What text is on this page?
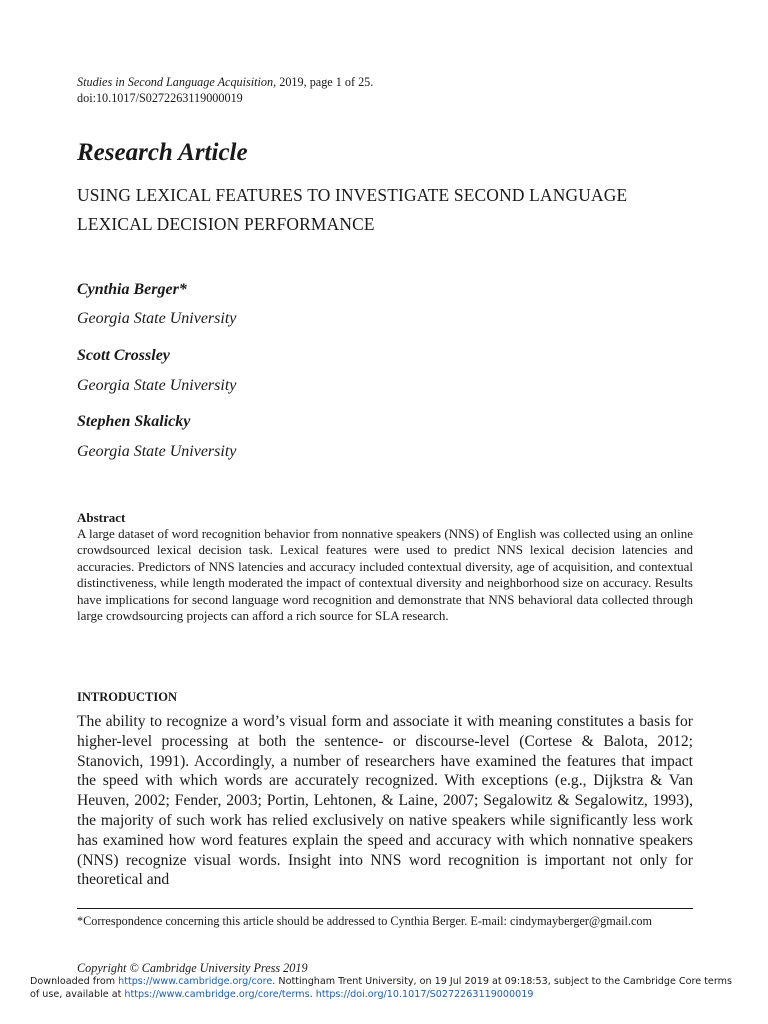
Studies in Second Language Acquisition, 2019, page 1 of 25.
doi:10.1017/S0272263119000019
Research Article
USING LEXICAL FEATURES TO INVESTIGATE SECOND LANGUAGE LEXICAL DECISION PERFORMANCE
Cynthia Berger*
Georgia State University
Scott Crossley
Georgia State University
Stephen Skalicky
Georgia State University
Abstract
A large dataset of word recognition behavior from nonnative speakers (NNS) of English was collected using an online crowdsourced lexical decision task. Lexical features were used to predict NNS lexical decision latencies and accuracies. Predictors of NNS latencies and accuracy included contextual diversity, age of acquisition, and contextual distinctiveness, while length moderated the impact of contextual diversity and neighborhood size on accuracy. Results have implications for second language word recognition and demonstrate that NNS behavioral data collected through large crowdsourcing projects can afford a rich source for SLA research.
INTRODUCTION
The ability to recognize a word’s visual form and associate it with meaning constitutes a basis for higher-level processing at both the sentence- or discourse-level (Cortese & Balota, 2012; Stanovich, 1991). Accordingly, a number of researchers have examined the features that impact the speed with which words are accurately recognized. With exceptions (e.g., Dijkstra & Van Heuven, 2002; Fender, 2003; Portin, Lehtonen, & Laine, 2007; Segalowitz & Segalowitz, 1993), the majority of such work has relied exclusively on native speakers while significantly less work has examined how word features explain the speed and accuracy with which nonnative speakers (NNS) recognize visual words. Insight into NNS word recognition is important not only for theoretical and
*Correspondence concerning this article should be addressed to Cynthia Berger. E-mail: cindymayberger@gmail.com
Copyright © Cambridge University Press 2019
Downloaded from https://www.cambridge.org/core. Nottingham Trent University, on 19 Jul 2019 at 09:18:53, subject to the Cambridge Core terms of use, available at https://www.cambridge.org/core/terms. https://doi.org/10.1017/S0272263119000019
